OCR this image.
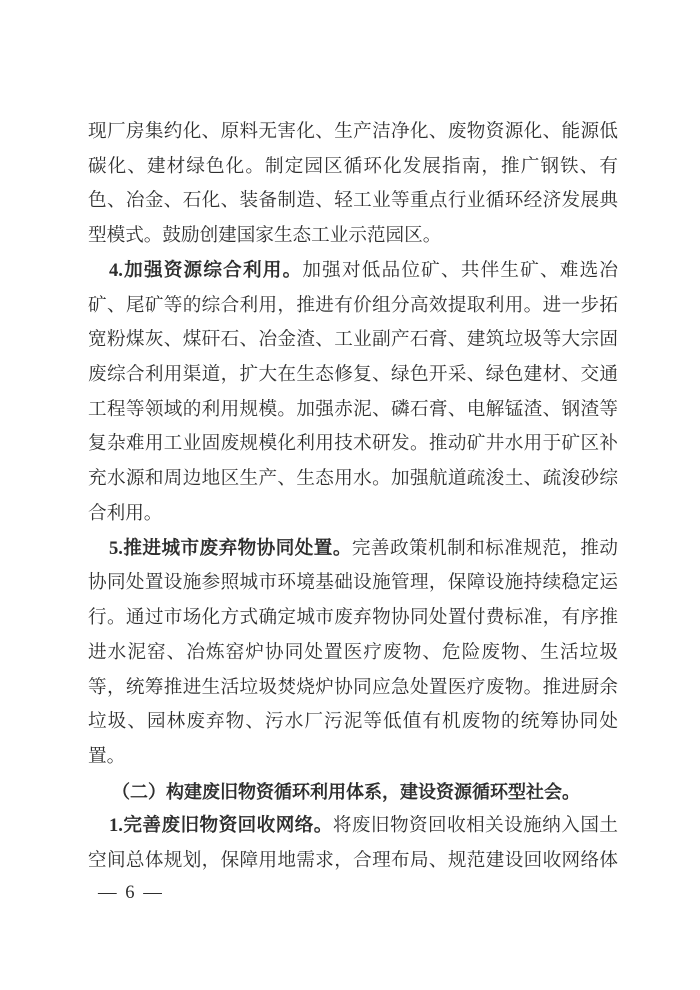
现厂房集约化、原料无害化、生产洁净化、废物资源化、能源低
碳化、建材绿色化。制定园区循环化发展指南，推广钢铁、有
色、冶金、石化、装备制造、轻工业等重点行业循环经济发展典
型模式。鼓励创建国家生态工业示范园区。
4.加强资源综合利用。加强对低品位矿、共伴生矿、难选冶
矿、尾矿等的综合利用，推进有价组分高效提取利用。进一步拓
宽粉煤灰、煤矸石、冶金渣、工业副产石膏、建筑垃圾等大宗固
废综合利用渠道，扩大在生态修复、绿色开采、绿色建材、交通
工程等领域的利用规模。加强赤泥、磷石膏、电解锰渣、钢渣等
复杂难用工业固废规模化利用技术研发。推动矿井水用于矿区补
充水源和周边地区生产、生态用水。加强航道疏浚土、疏浚砂综
合利用。
5.推进城市废弃物协同处置。完善政策机制和标准规范，推动
协同处置设施参照城市环境基础设施管理，保障设施持续稳定运
行。通过市场化方式确定城市废弃物协同处置付费标准，有序推
进水泥窑、冶炼窑炉协同处置医疗废物、危险废物、生活垃圾
等，统筹推进生活垃圾焚烧炉协同应急处置医疗废物。推进厨余
垃圾、园林废弃物、污水厂污泥等低值有机废物的统筹协同处
置。
（二）构建废旧物资循环利用体系，建设资源循环型社会。
1.完善废旧物资回收网络。将废旧物资回收相关设施纳入国土
空间总体规划，保障用地需求，合理布局、规范建设回收网络体
— 6 —
